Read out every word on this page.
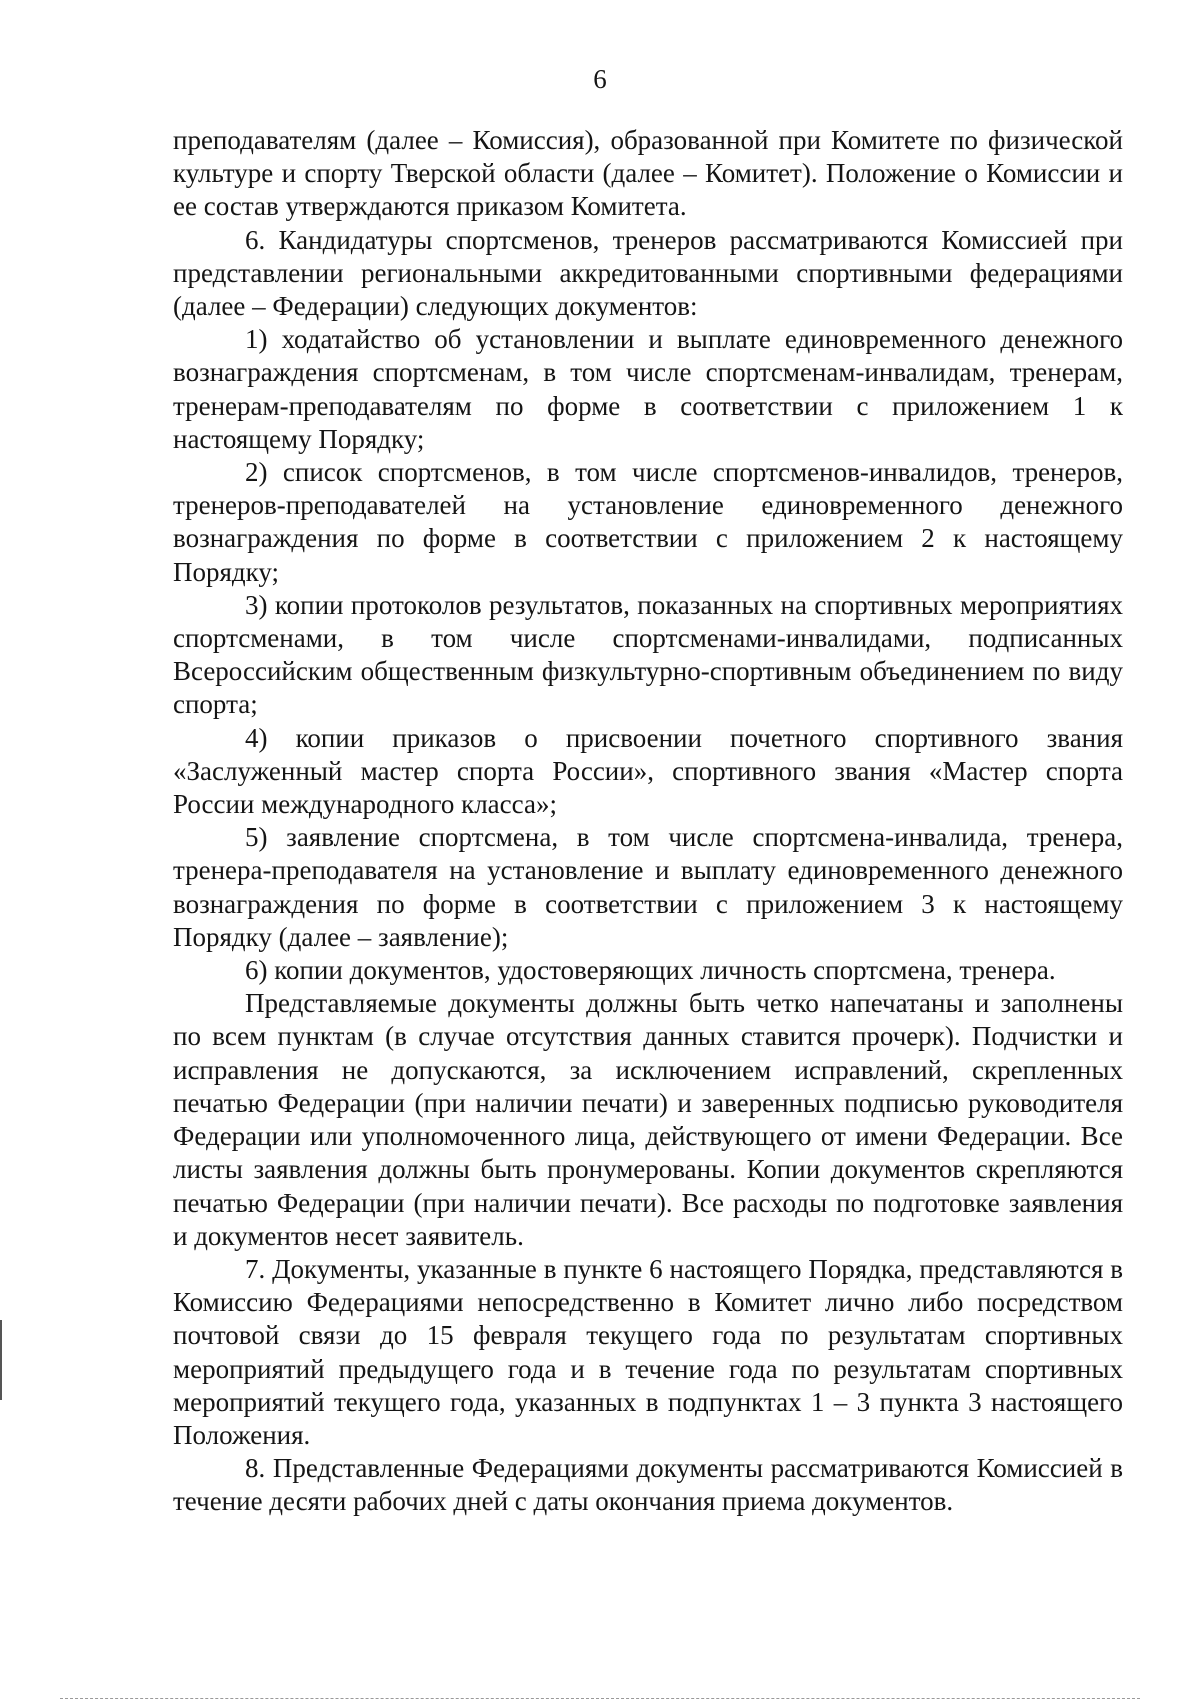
6

преподавателям (далее – Комиссия), образованной при Комитете по физической культуре и спорту Тверской области (далее – Комитет). Положение о Комиссии и ее состав утверждаются приказом Комитета.

6. Кандидатуры спортсменов, тренеров рассматриваются Комиссией при представлении региональными аккредитованными спортивными федерациями (далее – Федерации) следующих документов:

1) ходатайство об установлении и выплате единовременного денежного вознаграждения спортсменам, в том числе спортсменам-инвалидам, тренерам, тренерам-преподавателям по форме в соответствии с приложением 1 к настоящему Порядку;

2) список спортсменов, в том числе спортсменов-инвалидов, тренеров, тренеров-преподавателей на установление единовременного денежного вознаграждения по форме в соответствии с приложением 2 к настоящему Порядку;

3) копии протоколов результатов, показанных на спортивных мероприятиях спортсменами, в том числе спортсменами-инвалидами, подписанных Всероссийским общественным физкультурно-спортивным объединением по виду спорта;

4) копии приказов о присвоении почетного спортивного звания «Заслуженный мастер спорта России», спортивного звания «Мастер спорта России международного класса»;

5) заявление спортсмена, в том числе спортсмена-инвалида, тренера, тренера-преподавателя на установление и выплату единовременного денежного вознаграждения по форме в соответствии с приложением 3 к настоящему Порядку (далее – заявление);

6) копии документов, удостоверяющих личность спортсмена, тренера.

Представляемые документы должны быть четко напечатаны и заполнены по всем пунктам (в случае отсутствия данных ставится прочерк). Подчистки и исправления не допускаются, за исключением исправлений, скрепленных печатью Федерации (при наличии печати) и заверенных подписью руководителя Федерации или уполномоченного лица, действующего от имени Федерации. Все листы заявления должны быть пронумерованы. Копии документов скрепляются печатью Федерации (при наличии печати). Все расходы по подготовке заявления и документов несет заявитель.

7. Документы, указанные в пункте 6 настоящего Порядка, представляются в Комиссию Федерациями непосредственно в Комитет лично либо посредством почтовой связи до 15 февраля текущего года по результатам спортивных мероприятий предыдущего года и в течение года по результатам спортивных мероприятий текущего года, указанных в подпунктах 1 – 3 пункта 3 настоящего Положения.

8. Представленные Федерациями документы рассматриваются Комиссией в течение десяти рабочих дней с даты окончания приема документов.
